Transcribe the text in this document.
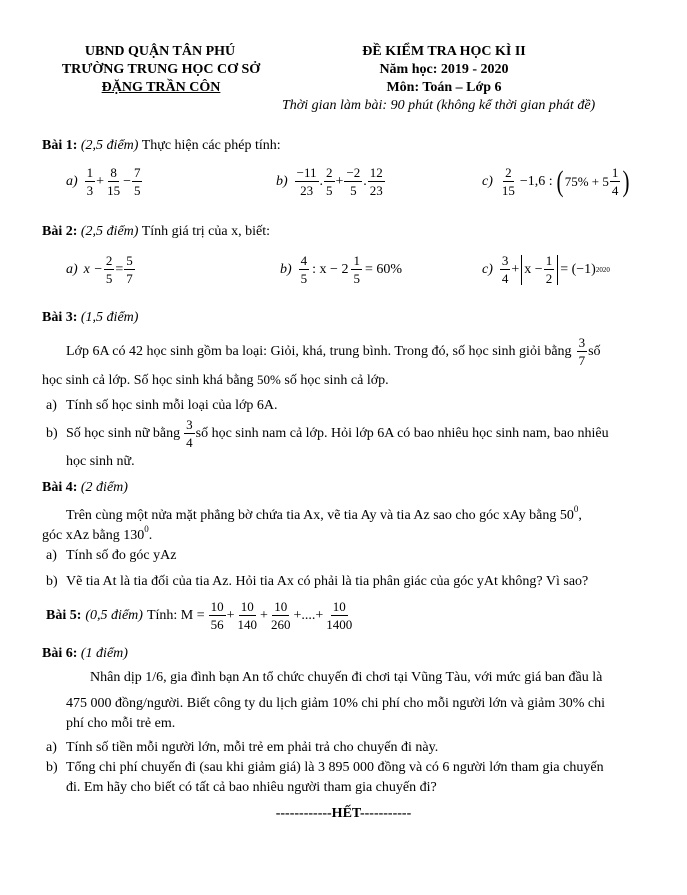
UBND QUẬN TÂN PHÚ
TRƯỜNG TRUNG HỌC CƠ SỞ
ĐẶNG TRẦN CÔN
ĐỀ KIỂM TRA HỌC KÌ II
Năm học: 2019 - 2020
Môn: Toán – Lớp 6
Thời gian làm bài: 90 phút (không kể thời gian phát đề)
Bài 1: (2,5 điểm) Thực hiện các phép tính:
$a) \frac{1}{3} + \frac{8}{15} - \frac{7}{5}$	$b) \frac{-11}{23}$ . $\frac{2}{5} + \frac{-2}{5}$ . $\frac{12}{23}$	$c) \frac{2}{15} -1,6$ : ( $75\% + 5 \frac{1}{4}$ )
Bài 2: (2,5 điểm) Tính giá trị của x, biết:
a) $x - \frac{2}{5} = \frac{5}{7}$	$b) \frac{4}{5}$ : $x - 2 \frac{1}{5} = 60\%$	$c) \frac{3}{4} + x - \frac{1}{2} = (-1)$ 2020
Bài 3: (1,5 điểm)
Lớp 6A có 42 học sinh gồm ba loại: Giỏi, khá, trung bình. Trong đó, số học sinh giỏi bằng $\frac{3}{7}$ số
học sinh cả lớp. Số học sinh khá bằng 50% số học sinh cả lớp.
a) Tính số học sinh mỗi loại của lớp 6A.
b) Số học sinh nữ bằng $\frac{3}{4}$ số học sinh nam cả lớp. Hỏi lớp 6A có bao nhiêu học sinh nam, bao nhiêu
học sinh nữ.
Bài 4: (2 điểm)
Trên cùng một nửa mặt phẳng bờ chứa tia Ax, vẽ tia Ay và tia Az sao cho góc xAy bằng $50^0$,
góc xAz bằng $130^0$.
a) Tính số đo góc yAz
b) Vẽ tia At là tia đối của tia Az. Hỏi tia Ax có phải là tia phân giác của góc yAt không? Vì sao?
Bài 5: (0,5 điểm) Tính: $M = \frac{10}{56} + \frac{10}{140} + \frac{10}{260}$ +....+ $\frac{10}{1400}$
Bài 6: (1 điểm)
Nhân dịp 1/6, gia đình bạn An tổ chức chuyến đi chơi tại Vũng Tàu, với mức giá ban đầu là
475 000 đồng/người. Biết công ty du lịch giảm 10% chi phí cho mỗi người lớn và giảm 30% chi
phí cho mỗi trẻ em.
a) Tính số tiền mỗi người lớn, mỗi trẻ em phải trả cho chuyến đi này.
b) Tổng chi phí chuyến đi (sau khi giảm giá) là 3 895 000 đồng và có 6 người lớn tham gia chuyến
đi. Em hãy cho biết có tất cả bao nhiêu người tham gia chuyến đi?
------------HẾT-----------
